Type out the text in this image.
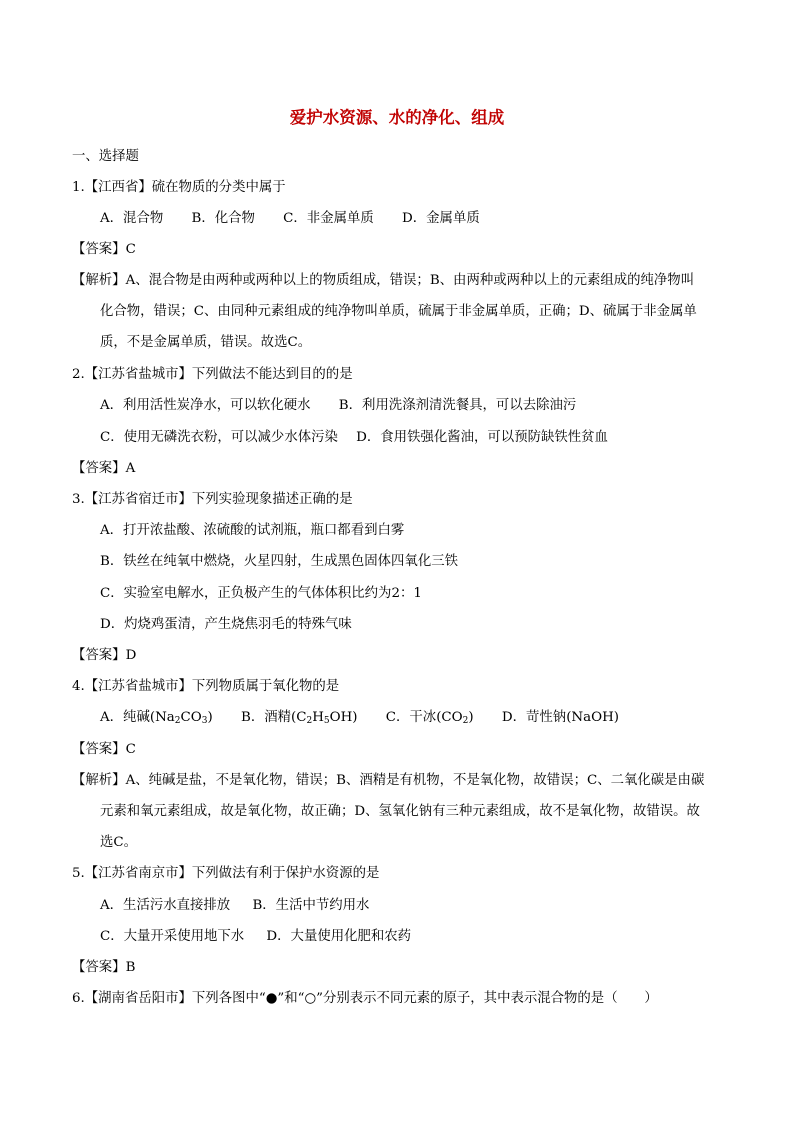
爱护水资源、水的净化、组成
一、选择题
1.【江西省】硫在物质的分类中属于
A．混合物 B．化合物 C．非金属单质 D．金属单质
【答案】C
【解析】A、混合物是由两种或两种以上的物质组成，错误；B、由两种或两种以上的元素组成的纯净物叫
化合物，错误；C、由同种元素组成的纯净物叫单质，硫属于非金属单质，正确；D、硫属于非金属单
质，不是金属单质，错误。故选C。
2.【江苏省盐城市】下列做法不能达到目的的是
A．利用活性炭净水，可以软化硬水 B．利用洗涤剂清洗餐具，可以去除油污
C．使用无磷洗衣粉，可以减少水体污染 D．食用铁强化酱油，可以预防缺铁性贫血
【答案】A
3.【江苏省宿迁市】下列实验现象描述正确的是
A．打开浓盐酸、浓硫酸的试剂瓶，瓶口都看到白雾
B．铁丝在纯氧中燃烧，火星四射，生成黑色固体四氧化三铁
C．实验室电解水，正负极产生的气体体积比约为2：1
D．灼烧鸡蛋清，产生烧焦羽毛的特殊气味
【答案】D
4.【江苏省盐城市】下列物质属于氧化物的是
A．纯碱$(Na_2CO_3)$ B．酒精$(C_2H_5OH)$ C．干冰$(CO_2)$ D．苛性钠(NaOH)
【答案】C
【解析】A、纯碱是盐，不是氧化物，错误；B、酒精是有机物，不是氧化物，故错误；C、二氧化碳是由碳
元素和氧元素组成，故是氧化物，故正确；D、氢氧化钠有三种元素组成，故不是氧化物，故错误。故
选C。
5.【江苏省南京市】下列做法有利于保护水资源的是
A．生活污水直接排放 B．生活中节约用水
C．大量开采使用地下水 D．大量使用化肥和农药
【答案】B
6.【湖南省岳阳市】下列各图中“●”和“○”分别表示不同元素的原子，其中表示混合物的是（　　）
